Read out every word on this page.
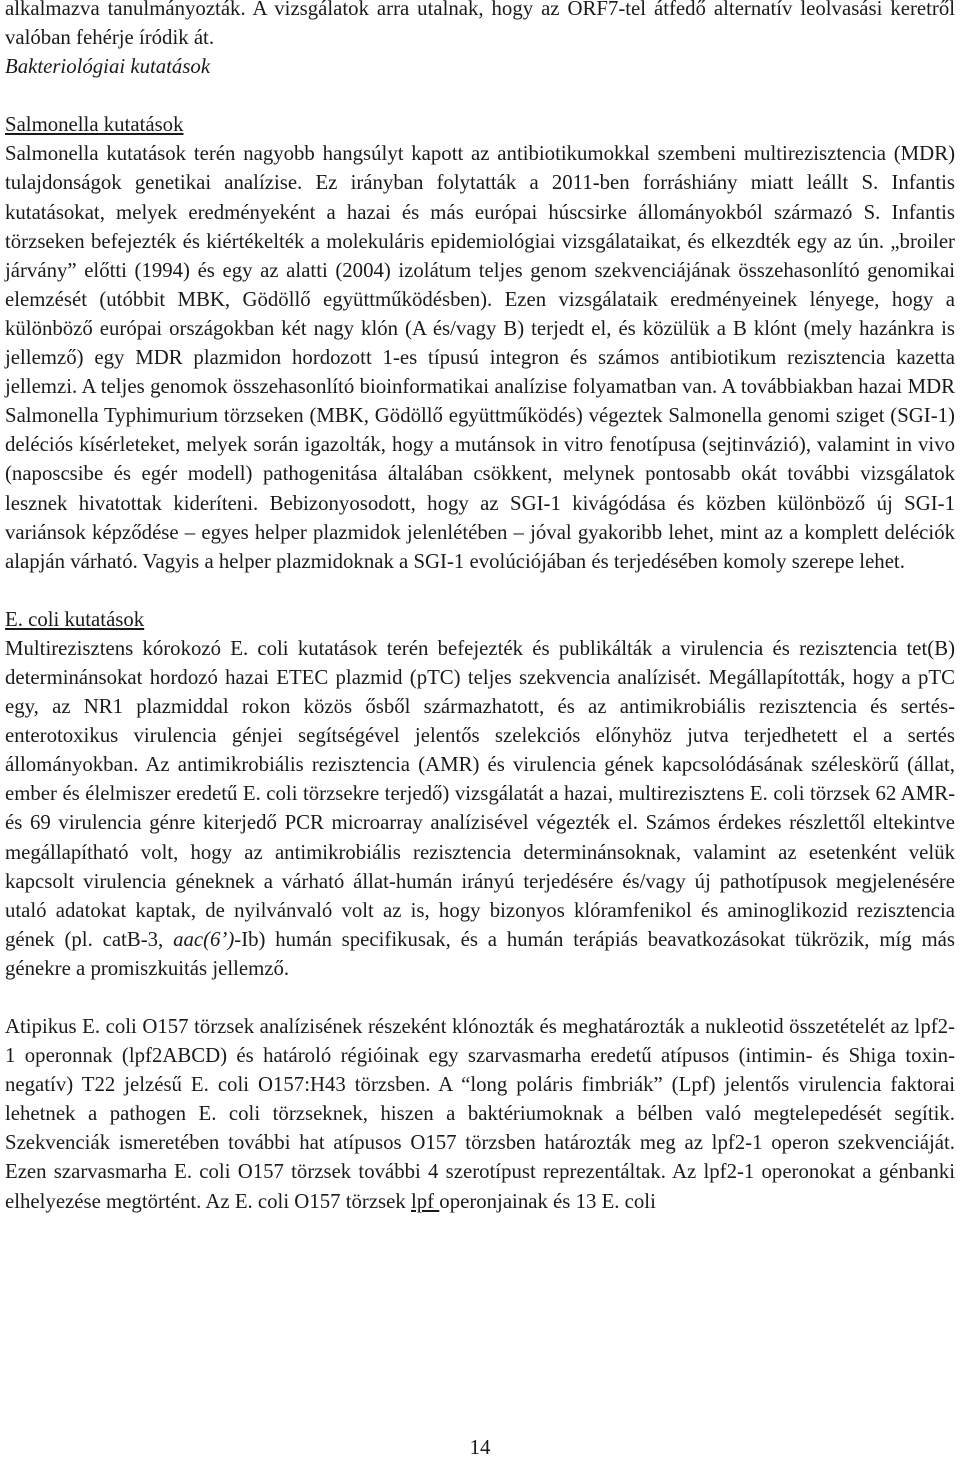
alkalmazva tanulmányozták. A vizsgálatok arra utalnak, hogy az ORF7-tel átfedő alternatív leolvasási keretről valóban fehérje íródik át.

Bakteriológiai kutatások

Salmonella kutatások

Salmonella kutatások terén nagyobb hangsúlyt kapott az antibiotikumokkal szembeni multirezisztencia (MDR) tulajdonságok genetikai analízise. Ez irányban folytatták a 2011-ben forráshiány miatt leállt S. Infantis kutatásokat, melyek eredményeként a hazai és más európai húscsirke állományokból származó S. Infantis törzseken befejezték és kiértékelték a molekuláris epidemiológiai vizsgálataikat, és elkezdték egy az ún. „broiler járvány” előtti (1994) és egy az alatti (2004) izolátum teljes genom szekvenciájának összehasonlító genomikai elemzését (utóbbit MBK, Gödöllő együttműködésben). Ezen vizsgálataik eredményeinek lényege, hogy a különböző európai országokban két nagy klón (A és/vagy B) terjedt el, és közülük a B klónt (mely hazánkra is jellemző) egy MDR plazmidon hordozott 1-es típusú integron és számos antibiotikum rezisztencia kazetta jellemzi. A teljes genomok összehasonlító bioinformatikai analízise folyamatban van. A továbbiakban hazai MDR Salmonella Typhimurium törzseken (MBK, Gödöllő együttműködés) végeztek Salmonella genomi sziget (SGI-1) deléciós kísérleteket, melyek során igazolták, hogy a mutánsok in vitro fenotípusa (sejtinvázió), valamint in vivo (naposcsibe és egér modell) pathogenitása általában csökkent, melynek pontosabb okát további vizsgálatok lesznek hivatottak kideríteni. Bebizonyosodott, hogy az SGI-1 kivágódása és közben különböző új SGI-1 variánsok képződése – egyes helper plazmidok jelenlétében – jóval gyakoribb lehet, mint az a komplett deléciók alapján várható. Vagyis a helper plazmidoknak a SGI-1 evolúciójában és terjedésében komoly szerepe lehet.

E. coli kutatások

Multirezisztens kórokozó E. coli kutatások terén befejezték és publikálták a virulencia és rezisztencia tet(B) determinánsokat hordozó hazai ETEC plazmid (pTC) teljes szekvencia analízisét. Megállapították, hogy a pTC egy, az NR1 plazmiddal rokon közös ősből származhatott, és az antimikrobiális rezisztencia és sertés-enterotoxikus virulencia génjei segítségével jelentős szelekciós előnyhöz jutva terjedhetett el a sertés állományokban. Az antimikrobiális rezisztencia (AMR) és virulencia gének kapcsolódásának széleskörű (állat, ember és élelmiszer eredetű E. coli törzsekre terjedő) vizsgálatát a hazai, multirezisztens E. coli törzsek 62 AMR- és 69 virulencia génre kiterjedő PCR microarray analízisével végezték el. Számos érdekes részlettől eltekintve megállapítható volt, hogy az antimikrobiális rezisztencia determinánsoknak, valamint az esetenként velük kapcsolt virulencia géneknek a várható állat-humán irányú terjedésére és/vagy új pathotípusok megjelenésére utaló adatokat kaptak, de nyilvánvaló volt az is, hogy bizonyos klóramfenikol és aminoglikozid rezisztencia gének (pl. catB-3, aac(6’)-Ib) humán specifikusak, és a humán terápiás beavatkozásokat tükrözik, míg más génekre a promiszkuitás jellemző.

Atipikus E. coli O157 törzsek analízisének részeként klónozták és meghatározták a nukleotid összetételét az lpf2-1 operonnak (lpf2ABCD) és határoló régióinak egy szarvasmarha eredetű atípusos (intimin- és Shiga toxin-negatív) T22 jelzésű E. coli O157:H43 törzsben. A “long poláris fimbriák” (Lpf) jelentős virulencia faktorai lehetnek a pathogen E. coli törzseknek, hiszen a baktériumoknak a bélben való megtelepedését segítik. Szekvenciák ismeretében további hat atípusos O157 törzsben határozták meg az lpf2-1 operon szekvenciáját. Ezen szarvasmarha E. coli O157 törzsek további 4 szerotípust reprezentáltak. Az lpf2-1 operonokat a génbanki elhelyezése megtörtént. Az E. coli O157 törzsek lpf operonjainak és 13 E. coli

14
